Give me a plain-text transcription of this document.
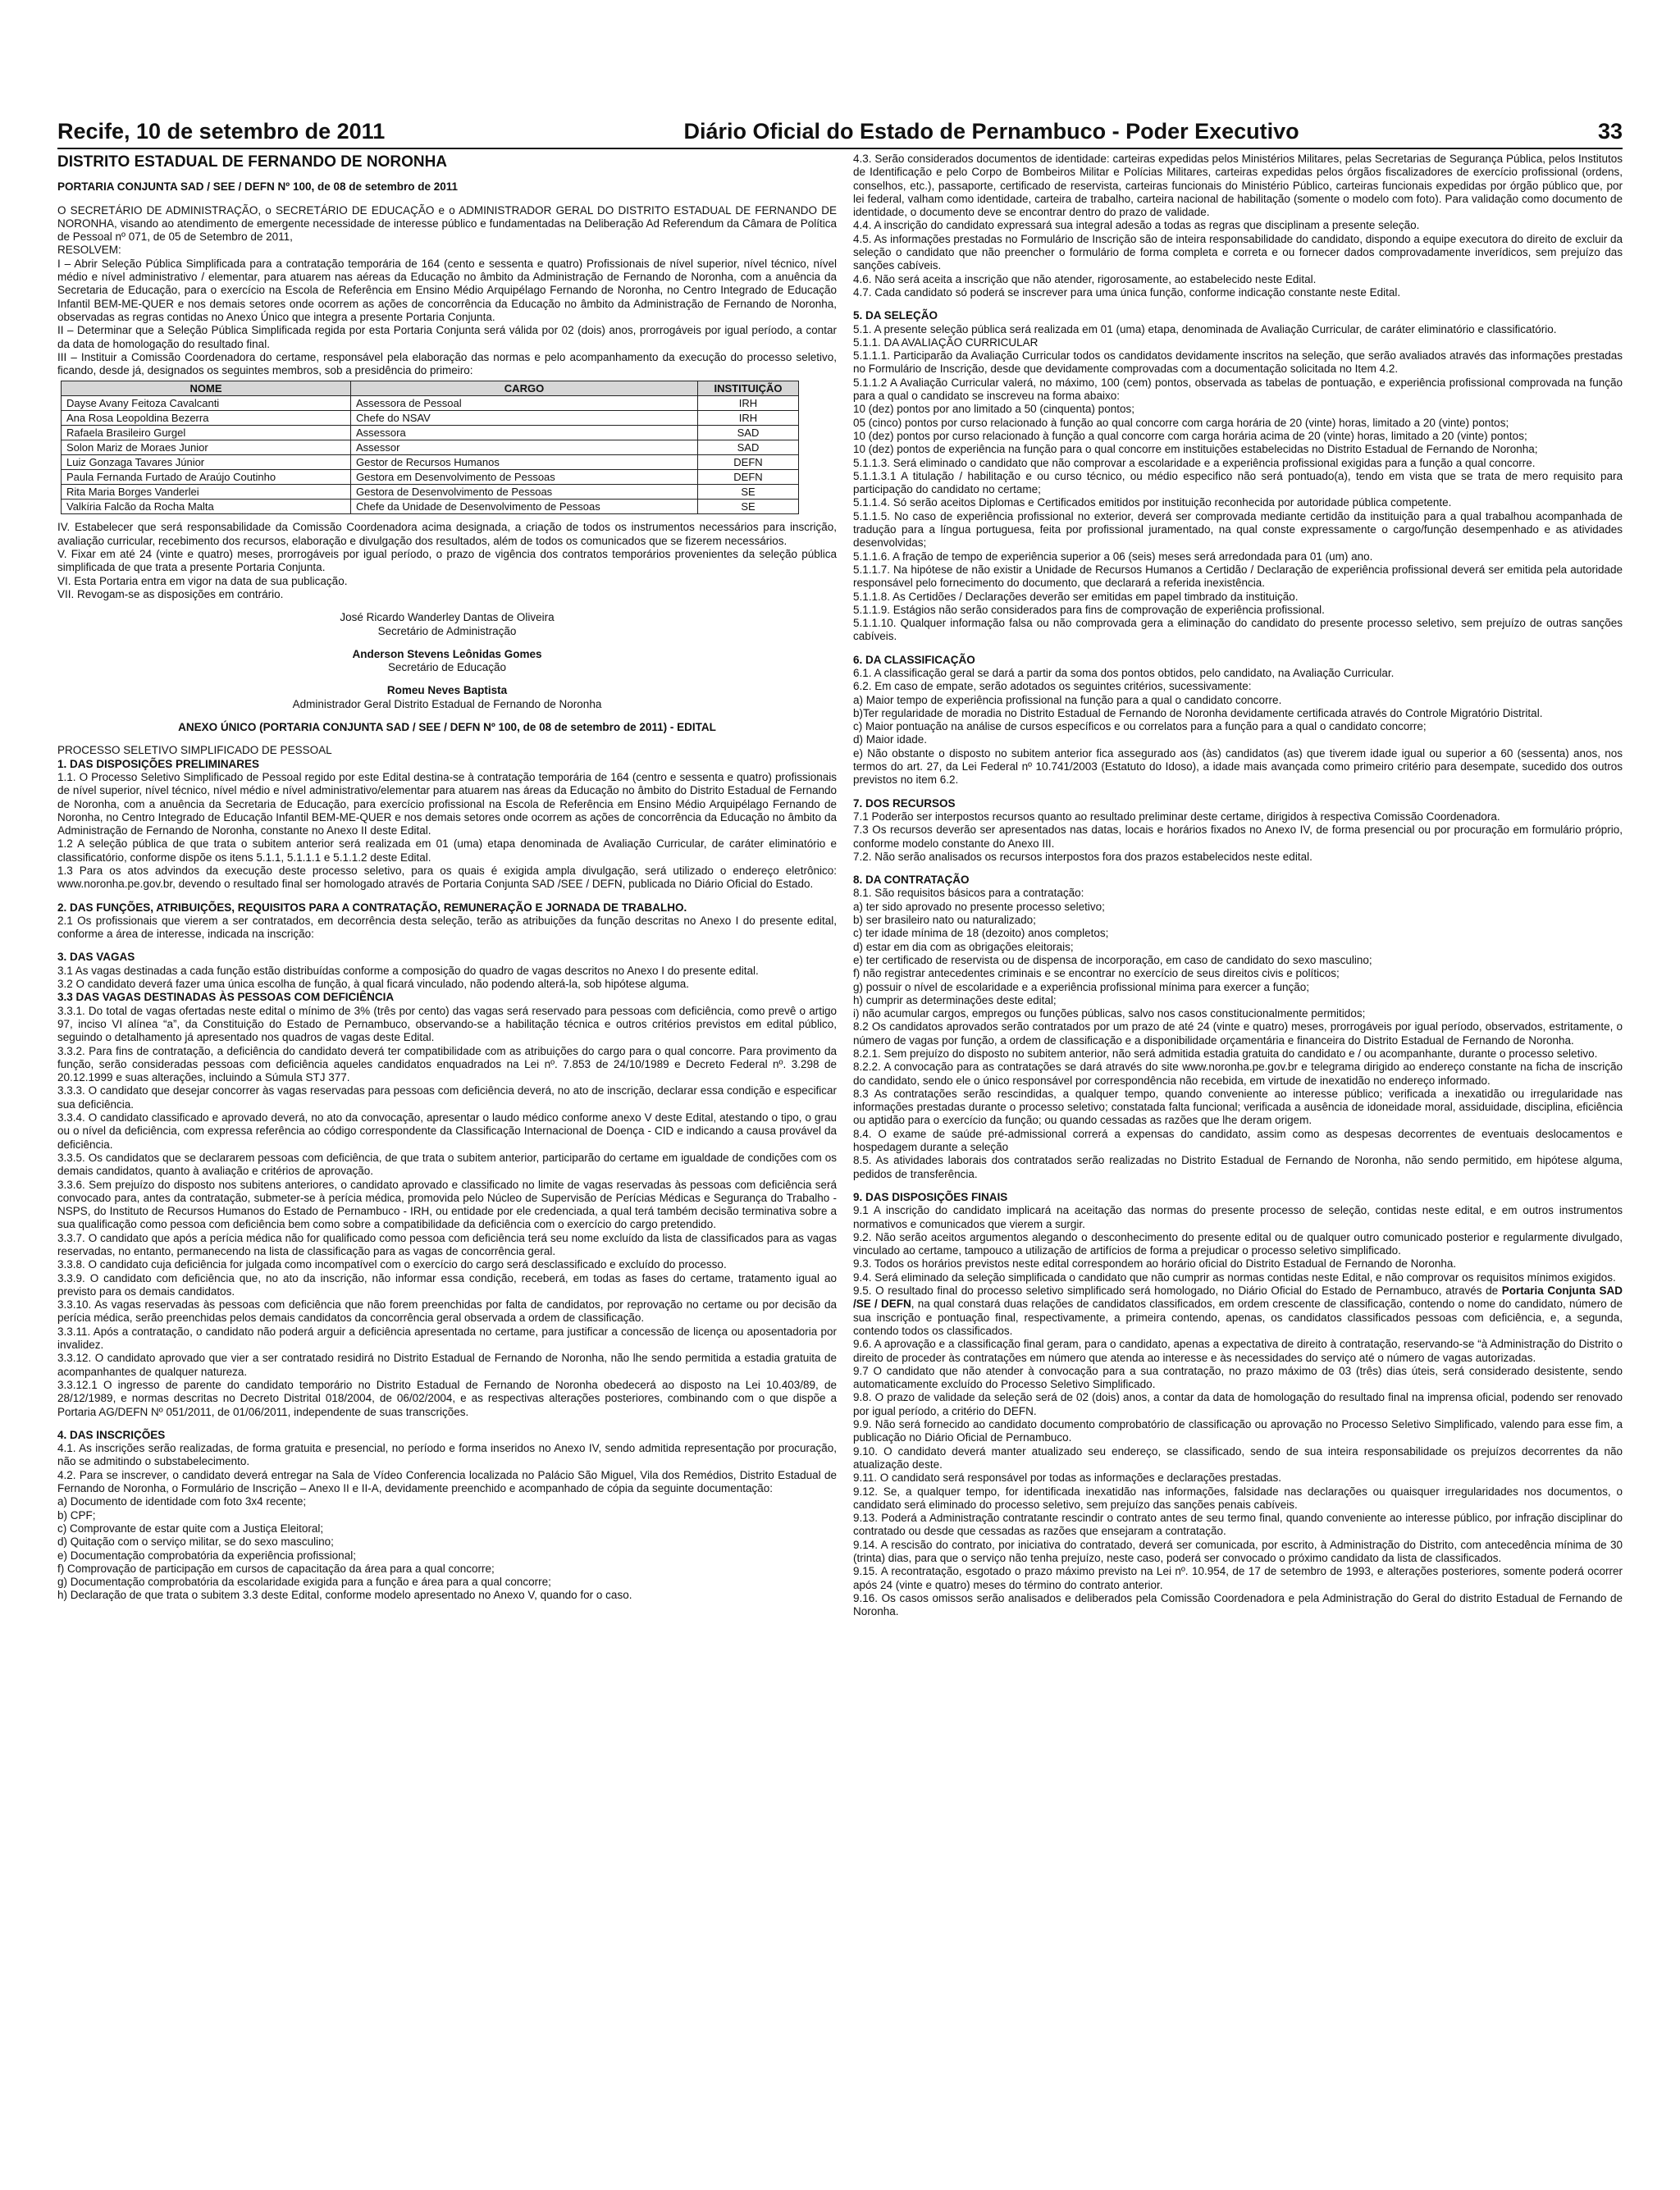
Recife, 10 de setembro de 2011	Diário Oficial do Estado de Pernambuco - Poder Executivo	33

DISTRITO ESTADUAL DE FERNANDO DE NORONHA

PORTARIA CONJUNTA SAD / SEE / DEFN Nº 100, de 08 de setembro de 2011

O SECRETÁRIO DE ADMINISTRAÇÃO, o SECRETÁRIO DE EDUCAÇÃO e o ADMINISTRADOR GERAL DO DISTRITO ESTADUAL DE FERNANDO DE NORONHA, visando ao atendimento de emergente necessidade de interesse público e fundamentadas na Deliberação Ad Referendum da Câmara de Política de Pessoal nº 071, de 05 de Setembro de 2011,

RESOLVEM:

I – Abrir Seleção Pública Simplificada para a contratação temporária de 164 (cento e sessenta e quatro) Profissionais de nível superior, nível técnico, nível médio e nível administrativo / elementar, para atuarem nas aéreas da Educação no âmbito da Administração de Fernando de Noronha, com a anuência da Secretaria de Educação, para o exercício na Escola de Referência em Ensino Médio Arquipélago Fernando de Noronha, no Centro Integrado de Educação Infantil BEM-ME-QUER e nos demais setores onde ocorrem as ações de concorrência da Educação no âmbito da Administração de Fernando de Noronha, observadas as regras contidas no Anexo Único que integra a presente Portaria Conjunta.

II – Determinar que a Seleção Pública Simplificada regida por esta Portaria Conjunta será válida por 02 (dois) anos, prorrogáveis por igual período, a contar da data de homologação do resultado final.

III – Instituir a Comissão Coordenadora do certame, responsável pela elaboração das normas e pelo acompanhamento da execução do processo seletivo, ficando, desde já, designados os seguintes membros, sob a presidência do primeiro:

NOME	CARGO	INSTITUIÇÃO
Dayse Avany Feitoza Cavalcanti	Assessora de Pessoal	IRH
Ana Rosa Leopoldina Bezerra	Chefe do NSAV	IRH
Rafaela Brasileiro Gurgel	Assessora	SAD
Solon Mariz de Moraes Junior	Assessor	SAD
Luiz Gonzaga Tavares Júnior	Gestor de Recursos Humanos	DEFN
Paula Fernanda Furtado de Araújo Coutinho	Gestora em Desenvolvimento de Pessoas	DEFN
Rita Maria Borges Vanderlei	Gestora de Desenvolvimento de Pessoas	SE
Valkíria Falcão da Rocha Malta	Chefe da Unidade de Desenvolvimento de Pessoas	SE

IV. Estabelecer que será responsabilidade da Comissão Coordenadora acima designada, a criação de todos os instrumentos necessários para inscrição, avaliação curricular, recebimento dos recursos, elaboração e divulgação dos resultados, além de todos os comunicados que se fizerem necessários.

V. Fixar em até 24 (vinte e quatro) meses, prorrogáveis por igual período, o prazo de vigência dos contratos temporários provenientes da seleção pública simplificada de que trata a presente Portaria Conjunta.

VI. Esta Portaria entra em vigor na data de sua publicação.

VII. Revogam-se as disposições em contrário.

José Ricardo Wanderley Dantas de Oliveira

Secretário de Administração

Anderson Stevens Leônidas Gomes

Secretário de Educação

Romeu Neves Baptista

Administrador Geral Distrito Estadual de Fernando de Noronha

ANEXO ÚNICO (PORTARIA CONJUNTA SAD / SEE / DEFN Nº 100, de 08 de setembro de 2011) - EDITAL

PROCESSO SELETIVO SIMPLIFICADO DE PESSOAL

1. DAS DISPOSIÇÕES PRELIMINARES

1.1. O Processo Seletivo Simplificado de Pessoal regido por este Edital destina-se à contratação temporária de 164 (centro e sessenta e quatro) profissionais de nível superior, nível técnico, nível médio e nível administrativo/elementar para atuarem nas áreas da Educação no âmbito do Distrito Estadual de Fernando de Noronha, com a anuência da Secretaria de Educação, para exercício profissional na Escola de Referência em Ensino Médio Arquipélago Fernando de Noronha, no Centro Integrado de Educação Infantil BEM-ME-QUER e nos demais setores onde ocorrem as ações de concorrência da Educação no âmbito da Administração de Fernando de Noronha, constante no Anexo II deste Edital.

1.2 A seleção pública de que trata o subitem anterior será realizada em 01 (uma) etapa denominada de Avaliação Curricular, de caráter eliminatório e classificatório, conforme dispõe os itens 5.1.1, 5.1.1.1 e 5.1.1.2 deste Edital.

1.3 Para os atos advindos da execução deste processo seletivo, para os quais é exigida ampla divulgação, será utilizado o endereço eletrônico: www.noronha.pe.gov.br, devendo o resultado final ser homologado através de Portaria Conjunta SAD /SEE / DEFN, publicada no Diário Oficial do Estado.

2. DAS FUNÇÕES, ATRIBUIÇÕES, REQUISITOS PARA A CONTRATAÇÃO, REMUNERAÇÃO E JORNADA DE TRABALHO.

2.1 Os profissionais que vierem a ser contratados, em decorrência desta seleção, terão as atribuições da função descritas no Anexo I do presente edital, conforme a área de interesse, indicada na inscrição:

3. DAS VAGAS

3.1 As vagas destinadas a cada função estão distribuídas conforme a composição do quadro de vagas descritos no Anexo I do presente edital.

3.2 O candidato deverá fazer uma única escolha de função, à qual ficará vinculado, não podendo alterá-la, sob hipótese alguma.

3.3 DAS VAGAS DESTINADAS ÀS PESSOAS COM DEFICIÊNCIA

3.3.1. Do total de vagas ofertadas neste edital o mínimo de 3% (três por cento) das vagas será reservado para pessoas com deficiência, como prevê o artigo 97, inciso VI alínea “a”, da Constituição do Estado de Pernambuco, observando-se a habilitação técnica e outros critérios previstos em edital público, seguindo o detalhamento já apresentado nos quadros de vagas deste Edital.

3.3.2. Para fins de contratação, a deficiência do candidato deverá ter compatibilidade com as atribuições do cargo para o qual concorre. Para provimento da função, serão consideradas pessoas com deficiência aqueles candidatos enquadrados na Lei nº. 7.853 de 24/10/1989 e Decreto Federal nº. 3.298 de 20.12.1999 e suas alterações, incluindo a Súmula STJ 377.

3.3.3. O candidato que desejar concorrer às vagas reservadas para pessoas com deficiência deverá, no ato de inscrição, declarar essa condição e especificar sua deficiência.

3.3.4. O candidato classificado e aprovado deverá, no ato da convocação, apresentar o laudo médico conforme anexo V deste Edital, atestando o tipo, o grau ou o nível da deficiência, com expressa referência ao código correspondente da Classificação Internacional de Doença - CID e indicando a causa provável da deficiência.

3.3.5. Os candidatos que se declararem pessoas com deficiência, de que trata o subitem anterior, participarão do certame em igualdade de condições com os demais candidatos, quanto à avaliação e critérios de aprovação.

3.3.6. Sem prejuízo do disposto nos subitens anteriores, o candidato aprovado e classificado no limite de vagas reservadas às pessoas com deficiência será convocado para, antes da contratação, submeter-se à perícia médica, promovida pelo Núcleo de Supervisão de Perícias Médicas e Segurança do Trabalho - NSPS, do Instituto de Recursos Humanos do Estado de Pernambuco - IRH, ou entidade por ele credenciada, a qual terá também decisão terminativa sobre a sua qualificação como pessoa com deficiência bem como sobre a compatibilidade da deficiência com o exercício do cargo pretendido.

3.3.7. O candidato que após a perícia médica não for qualificado como pessoa com deficiência terá seu nome excluído da lista de classificados para as vagas reservadas, no entanto, permanecendo na lista de classificação para as vagas de concorrência geral.

3.3.8. O candidato cuja deficiência for julgada como incompatível com o exercício do cargo será desclassificado e excluído do processo.

3.3.9. O candidato com deficiência que, no ato da inscrição, não informar essa condição, receberá, em todas as fases do certame, tratamento igual ao previsto para os demais candidatos.

3.3.10. As vagas reservadas às pessoas com deficiência que não forem preenchidas por falta de candidatos, por reprovação no certame ou por decisão da perícia médica, serão preenchidas pelos demais candidatos da concorrência geral observada a ordem de classificação.

3.3.11. Após a contratação, o candidato não poderá arguir a deficiência apresentada no certame, para justificar a concessão de licença ou aposentadoria por invalidez.

3.3.12. O candidato aprovado que vier a ser contratado residirá no Distrito Estadual de Fernando de Noronha, não lhe sendo permitida a estadia gratuita de acompanhantes de qualquer natureza.

3.3.12.1 O ingresso de parente do candidato temporário no Distrito Estadual de Fernando de Noronha obedecerá ao disposto na Lei 10.403/89, de 28/12/1989, e normas descritas no Decreto Distrital 018/2004, de 06/02/2004, e as respectivas alterações posteriores, combinando com o que dispõe a Portaria AG/DEFN Nº 051/2011, de 01/06/2011, independente de suas transcrições.

4. DAS INSCRIÇÕES

4.1. As inscrições serão realizadas, de forma gratuita e presencial, no período e forma inseridos no Anexo IV, sendo admitida representação por procuração, não se admitindo o substabelecimento.

4.2. Para se inscrever, o candidato deverá entregar na Sala de Vídeo Conferencia localizada no Palácio São Miguel, Vila dos Remédios, Distrito Estadual de Fernando de Noronha, o Formulário de Inscrição – Anexo II e II-A, devidamente preenchido e acompanhado de cópia da seguinte documentação:

a) Documento de identidade com foto 3x4 recente;

b) CPF;

c) Comprovante de estar quite com a Justiça Eleitoral;

d) Quitação com o serviço militar, se do sexo masculino;

e) Documentação comprobatória da experiência profissional;

f) Comprovação de participação em cursos de capacitação da área para a qual concorre;

g) Documentação comprobatória da escolaridade exigida para a função e área para a qual concorre;

h) Declaração de que trata o subitem 3.3 deste Edital, conforme modelo apresentado no Anexo V, quando for o caso.

4.3. Serão considerados documentos de identidade: carteiras expedidas pelos Ministérios Militares, pelas Secretarias de Segurança Pública, pelos Institutos de Identificação e pelo Corpo de Bombeiros Militar e Polícias Militares, carteiras expedidas pelos órgãos fiscalizadores de exercício profissional (ordens, conselhos, etc.), passaporte, certificado de reservista, carteiras funcionais do Ministério Público, carteiras funcionais expedidas por órgão público que, por lei federal, valham como identidade, carteira de trabalho, carteira nacional de habilitação (somente o modelo com foto). Para validação como documento de identidade, o documento deve se encontrar dentro do prazo de validade.

4.4. A inscrição do candidato expressará sua integral adesão a todas as regras que disciplinam a presente seleção.

4.5. As informações prestadas no Formulário de Inscrição são de inteira responsabilidade do candidato, dispondo a equipe executora do direito de excluir da seleção o candidato que não preencher o formulário de forma completa e correta e ou fornecer dados comprovadamente inverídicos, sem prejuízo das sanções cabíveis.

4.6. Não será aceita a inscrição que não atender, rigorosamente, ao estabelecido neste Edital.

4.7. Cada candidato só poderá se inscrever para uma única função, conforme indicação constante neste Edital.

5. DA SELEÇÃO

5.1. A presente seleção pública será realizada em 01 (uma) etapa, denominada de Avaliação Curricular, de caráter eliminatório e classificatório.

5.1.1. DA AVALIAÇÃO CURRICULAR

5.1.1.1. Participarão da Avaliação Curricular todos os candidatos devidamente inscritos na seleção, que serão avaliados através das informações prestadas no Formulário de Inscrição, desde que devidamente comprovadas com a documentação solicitada no Item 4.2.

5.1.1.2 A Avaliação Curricular valerá, no máximo, 100 (cem) pontos, observada as tabelas de pontuação, e experiência profissional comprovada na função para a qual o candidato se inscreveu na forma abaixo:

10 (dez) pontos por ano limitado a 50 (cinquenta) pontos;

05 (cinco) pontos por curso relacionado à função ao qual concorre com carga horária de 20 (vinte) horas, limitado a 20 (vinte) pontos;

10 (dez) pontos por curso relacionado à função a qual concorre com carga horária acima de 20 (vinte) horas, limitado a 20 (vinte) pontos;

10 (dez) pontos de experiência na função para o qual concorre em instituições estabelecidas no Distrito Estadual de Fernando de Noronha;

5.1.1.3. Será eliminado o candidato que não comprovar a escolaridade e a experiência profissional exigidas para a função a qual concorre.

5.1.1.3.1 A titulação / habilitação e ou curso técnico, ou médio especifico não será pontuado(a), tendo em vista que se trata de mero requisito para participação do candidato no certame;

5.1.1.4. Só serão aceitos Diplomas e Certificados emitidos por instituição reconhecida por autoridade pública competente.

5.1.1.5. No caso de experiência profissional no exterior, deverá ser comprovada mediante certidão da instituição para a qual trabalhou acompanhada de tradução para a língua portuguesa, feita por profissional juramentado, na qual conste expressamente o cargo/função desempenhado e as atividades desenvolvidas;

5.1.1.6. A fração de tempo de experiência superior a 06 (seis) meses será arredondada para 01 (um) ano.

5.1.1.7. Na hipótese de não existir a Unidade de Recursos Humanos a Certidão / Declaração de experiência profissional deverá ser emitida pela autoridade responsável pelo fornecimento do documento, que declarará a referida inexistência.

5.1.1.8. As Certidões / Declarações deverão ser emitidas em papel timbrado da instituição.

5.1.1.9. Estágios não serão considerados para fins de comprovação de experiência profissional.

5.1.1.10. Qualquer informação falsa ou não comprovada gera a eliminação do candidato do presente processo seletivo, sem prejuízo de outras sanções cabíveis.

6. DA CLASSIFICAÇÃO

6.1. A classificação geral se dará a partir da soma dos pontos obtidos, pelo candidato, na Avaliação Curricular.

6.2. Em caso de empate, serão adotados os seguintes critérios, sucessivamente:

a) Maior tempo de experiência profissional na função para a qual o candidato concorre.

b)Ter regularidade de moradia no Distrito Estadual de Fernando de Noronha devidamente certificada através do Controle Migratório Distrital.

c) Maior pontuação na análise de cursos específicos e ou correlatos para a função para a qual o candidato concorre;

d) Maior idade.

e) Não obstante o disposto no subitem anterior fica assegurado aos (às) candidatos (as) que tiverem idade igual ou superior a 60 (sessenta) anos, nos termos do art. 27, da Lei Federal nº 10.741/2003 (Estatuto do Idoso), a idade mais avançada como primeiro critério para desempate, sucedido dos outros previstos no item 6.2.

7. DOS RECURSOS

7.1 Poderão ser interpostos recursos quanto ao resultado preliminar deste certame, dirigidos à respectiva Comissão Coordenadora.

7.3 Os recursos deverão ser apresentados nas datas, locais e horários fixados no Anexo IV, de forma presencial ou por procuração em formulário próprio, conforme modelo constante do Anexo III.

7.2. Não serão analisados os recursos interpostos fora dos prazos estabelecidos neste edital.

8. DA CONTRATAÇÃO

8.1. São requisitos básicos para a contratação:

a) ter sido aprovado no presente processo seletivo;

b) ser brasileiro nato ou naturalizado;

c) ter idade mínima de 18 (dezoito) anos completos;

d) estar em dia com as obrigações eleitorais;

e) ter certificado de reservista ou de dispensa de incorporação, em caso de candidato do sexo masculino;

f) não registrar antecedentes criminais e se encontrar no exercício de seus direitos civis e políticos;

g) possuir o nível de escolaridade e a experiência profissional mínima para exercer a função;

h) cumprir as determinações deste edital;

i) não acumular cargos, empregos ou funções públicas, salvo nos casos constitucionalmente permitidos;

8.2 Os candidatos aprovados serão contratados por um prazo de até 24 (vinte e quatro) meses, prorrogáveis por igual período, observados, estritamente, o número de vagas por função, a ordem de classificação e a disponibilidade orçamentária e financeira do Distrito Estadual de Fernando de Noronha.

8.2.1. Sem prejuízo do disposto no subitem anterior, não será admitida estadia gratuita do candidato e / ou acompanhante, durante o processo seletivo.

8.2.2. A convocação para as contratações se dará através do site www.noronha.pe.gov.br e telegrama dirigido ao endereço constante na ficha de inscrição do candidato, sendo ele o único responsável por correspondência não recebida, em virtude de inexatidão no endereço informado.

8.3 As contratações serão rescindidas, a qualquer tempo, quando conveniente ao interesse público; verificada a inexatidão ou irregularidade nas informações prestadas durante o processo seletivo; constatada falta funcional; verificada a ausência de idoneidade moral, assiduidade, disciplina, eficiência ou aptidão para o exercício da função; ou quando cessadas as razões que lhe deram origem.

8.4. O exame de saúde pré-admissional correrá a expensas do candidato, assim como as despesas decorrentes de eventuais deslocamentos e hospedagem durante a seleção

8.5. As atividades laborais dos contratados serão realizadas no Distrito Estadual de Fernando de Noronha, não sendo permitido, em hipótese alguma, pedidos de transferência.

9. DAS DISPOSIÇÕES FINAIS

9.1 A inscrição do candidato implicará na aceitação das normas do presente processo de seleção, contidas neste edital, e em outros instrumentos normativos e comunicados que vierem a surgir.

9.2. Não serão aceitos argumentos alegando o desconhecimento do presente edital ou de qualquer outro comunicado posterior e regularmente divulgado, vinculado ao certame, tampouco a utilização de artifícios de forma a prejudicar o processo seletivo simplificado.

9.3. Todos os horários previstos neste edital correspondem ao horário oficial do Distrito Estadual de Fernando de Noronha.

9.4. Será eliminado da seleção simplificada o candidato que não cumprir as normas contidas neste Edital, e não comprovar os requisitos mínimos exigidos.

9.5. O resultado final do processo seletivo simplificado será homologado, no Diário Oficial do Estado de Pernambuco, através de Portaria Conjunta SAD /SE / DEFN, na qual constará duas relações de candidatos classificados, em ordem crescente de classificação, contendo o nome do candidato, número de sua inscrição e pontuação final, respectivamente, a primeira contendo, apenas, os candidatos classificados pessoas com deficiência, e, a segunda, contendo todos os classificados.

9.6. A aprovação e a classificação final geram, para o candidato, apenas a expectativa de direito à contratação, reservando-se “à Administração do Distrito o direito de proceder às contratações em número que atenda ao interesse e às necessidades do serviço até o número de vagas autorizadas.

9.7 O candidato que não atender à convocação para a sua contratação, no prazo máximo de 03 (três) dias úteis, será considerado desistente, sendo automaticamente excluído do Processo Seletivo Simplificado.

9.8. O prazo de validade da seleção será de 02 (dois) anos, a contar da data de homologação do resultado final na imprensa oficial, podendo ser renovado por igual período, a critério do DEFN.

9.9. Não será fornecido ao candidato documento comprobatório de classificação ou aprovação no Processo Seletivo Simplificado, valendo para esse fim, a publicação no Diário Oficial de Pernambuco.

9.10. O candidato deverá manter atualizado seu endereço, se classificado, sendo de sua inteira responsabilidade os prejuízos decorrentes da não atualização deste.

9.11. O candidato será responsável por todas as informações e declarações prestadas.

9.12. Se, a qualquer tempo, for identificada inexatidão nas informações, falsidade nas declarações ou quaisquer irregularidades nos documentos, o candidato será eliminado do processo seletivo, sem prejuízo das sanções penais cabíveis.

9.13. Poderá a Administração contratante rescindir o contrato antes de seu termo final, quando conveniente ao interesse público, por infração disciplinar do contratado ou desde que cessadas as razões que ensejaram a contratação.

9.14. A rescisão do contrato, por iniciativa do contratado, deverá ser comunicada, por escrito, à Administração do Distrito, com antecedência mínima de 30 (trinta) dias, para que o serviço não tenha prejuízo, neste caso, poderá ser convocado o próximo candidato da lista de classificados.

9.15. A recontratação, esgotado o prazo máximo previsto na Lei nº. 10.954, de 17 de setembro de 1993, e alterações posteriores, somente poderá ocorrer após 24 (vinte e quatro) meses do término do contrato anterior.

9.16. Os casos omissos serão analisados e deliberados pela Comissão Coordenadora e pela Administração do Geral do distrito Estadual de Fernando de Noronha.
